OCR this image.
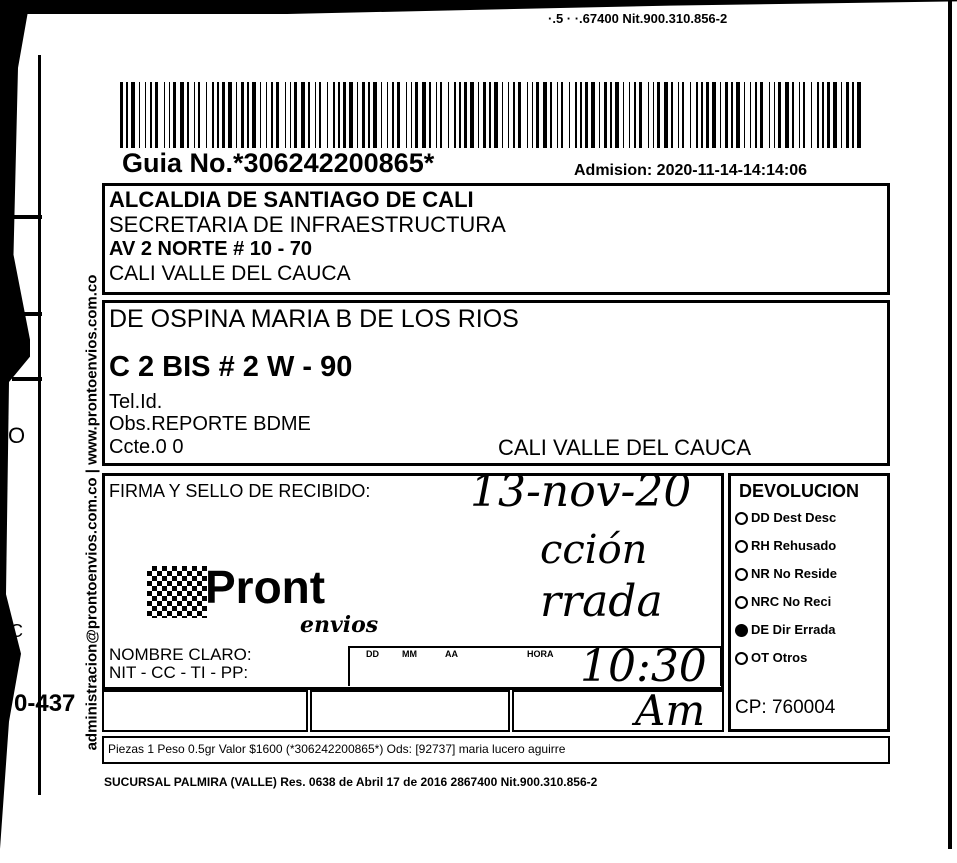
O
C
0-437 administracion@prontoenvios.com.co | www.prontoenvios.com.co
·.5 · ·.67400 Nit.900.310.856-2
Guia No.*306242200865*	Admision: 2020-11-14-14:14:06
ALCALDIA DE SANTIAGO DE CALI
SECRETARIA DE INFRAESTRUCTURA
AV 2 NORTE # 10 - 70
CALI VALLE DEL CAUCA
DE OSPINA MARIA B DE LOS RIOS
C 2 BIS # 2 W - 90
Tel.Id.
Obs.REPORTE BDME
Ccte.0 0	CALI VALLE DEL CAUCA
FIRMA Y SELLO DE RECIBIDO:
Pront
envios
NOMBRE CLARO:
NIT - CC - TI - PP:
DD	MM	AA	HORA
13-nov-20
cción
rrada
10:30
Am
DEVOLUCION
DD Dest Desc
RH Rehusado
NR No Reside
NRC No Reci
DE Dir Errada
OT Otros
CP: 760004
Piezas 1 Peso 0.5gr Valor $1600 (*306242200865*) Ods: [92737] maria lucero aguirre
SUCURSAL PALMIRA (VALLE) Res. 0638 de Abril 17 de 2016 2867400 Nit.900.310.856-2
